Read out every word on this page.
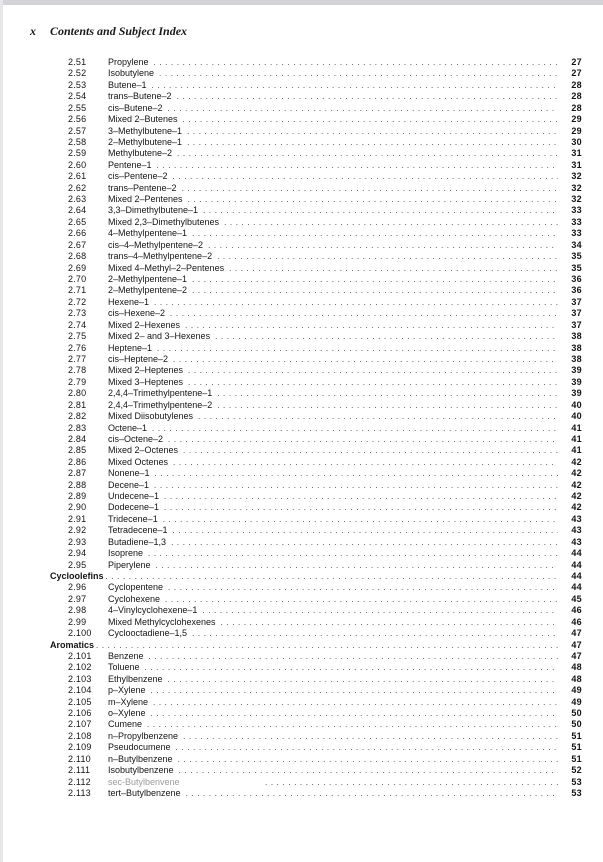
x Contents and Subject Index
2.51	Propylene .....	27
2.52	Isobutylene .....	27
2.53	Butene–1 .....	28
2.54	trans–Butene–2 .....	28
2.55	cis–Butene–2 .....	28
2.56	Mixed 2–Butenes .....	29
2.57	3–Methylbutene–1 .....	29
2.58	2–Methylbutene–1 .....	30
2.59	Methylbutene–2 .....	31
2.60	Pentene–1 .....	31
2.61	cis–Pentene–2 .....	32
2.62	trans–Pentene–2 .....	32
2.63	Mixed 2–Pentenes .....	32
2.64	3,3–Dimethylbutene–1 .....	33
2.65	Mixed 2,3–Dimethylbutenes .....	33
2.66	4–Methylpentene–1 .....	33
2.67	cis–4–Methylpentene–2 .....	34
2.68	trans–4–Methylpentene–2 .....	35
2.69	Mixed 4–Methyl–2–Pentenes .....	35
2.70	2–Methylpentene–1 .....	36
2.71	2–Methylpentene–2 .....	36
2.72	Hexene–1 .....	37
2.73	cis–Hexene–2 .....	37
2.74	Mixed 2–Hexenes .....	37
2.75	Mixed 2– and 3–Hexenes .....	38
2.76	Heptene–1 .....	38
2.77	cis–Heptene–2 .....	38
2.78	Mixed 2–Heptenes .....	39
2.79	Mixed 3–Heptenes .....	39
2.80	2,4,4–Trimethylpentene–1 .....	39
2.81	2,4,4–Trimethylpentene–2 .....	40
2.82	Mixed Diisobutylenes .....	40
2.83	Octene–1 .....	41
2.84	cis–Octene–2 .....	41
2.85	Mixed 2–Octenes .....	41
2.86	Mixed Octenes .....	42
2.87	Nonene–1 .....	42
2.88	Decene–1 .....	42
2.89	Undecene–1 .....	42
2.90	Dodecene–1 .....	42
2.91	Tridecene–1 .....	43
2.92	Tetradecene–1 .....	43
2.93	Butadiene–1,3 .....	43
2.94	Isoprene .....	44
2.95	Piperylene .....	44
Cycloolefins .....	44
2.96	Cyclopentene .....	44
2.97	Cyclohexene .....	45
2.98	4–Vinylcyclohexene–1 .....	46
2.99	Mixed Methylcyclohexenes .....	46
2.100	Cyclooctadiene–1,5 .....	47
Aromatics .....	47
2.101	Benzene .....	47
2.102	Toluene .....	48
2.103	Ethylbenzene .....	48
2.104	p–Xylene .....	49
2.105	m–Xylene .....	49
2.106	o–Xylene .....	50
2.107	Cumene .....	50
2.108	n–Propylbenzene .....	51
2.109	Pseudocumene .....	51
2.110	n–Butylbenzene .....	51
2.111	Isobutylbenzene .....	52
2.112	sec-Butylbenvene .....	53
2.113	tert–Butylbenzene .....	53
